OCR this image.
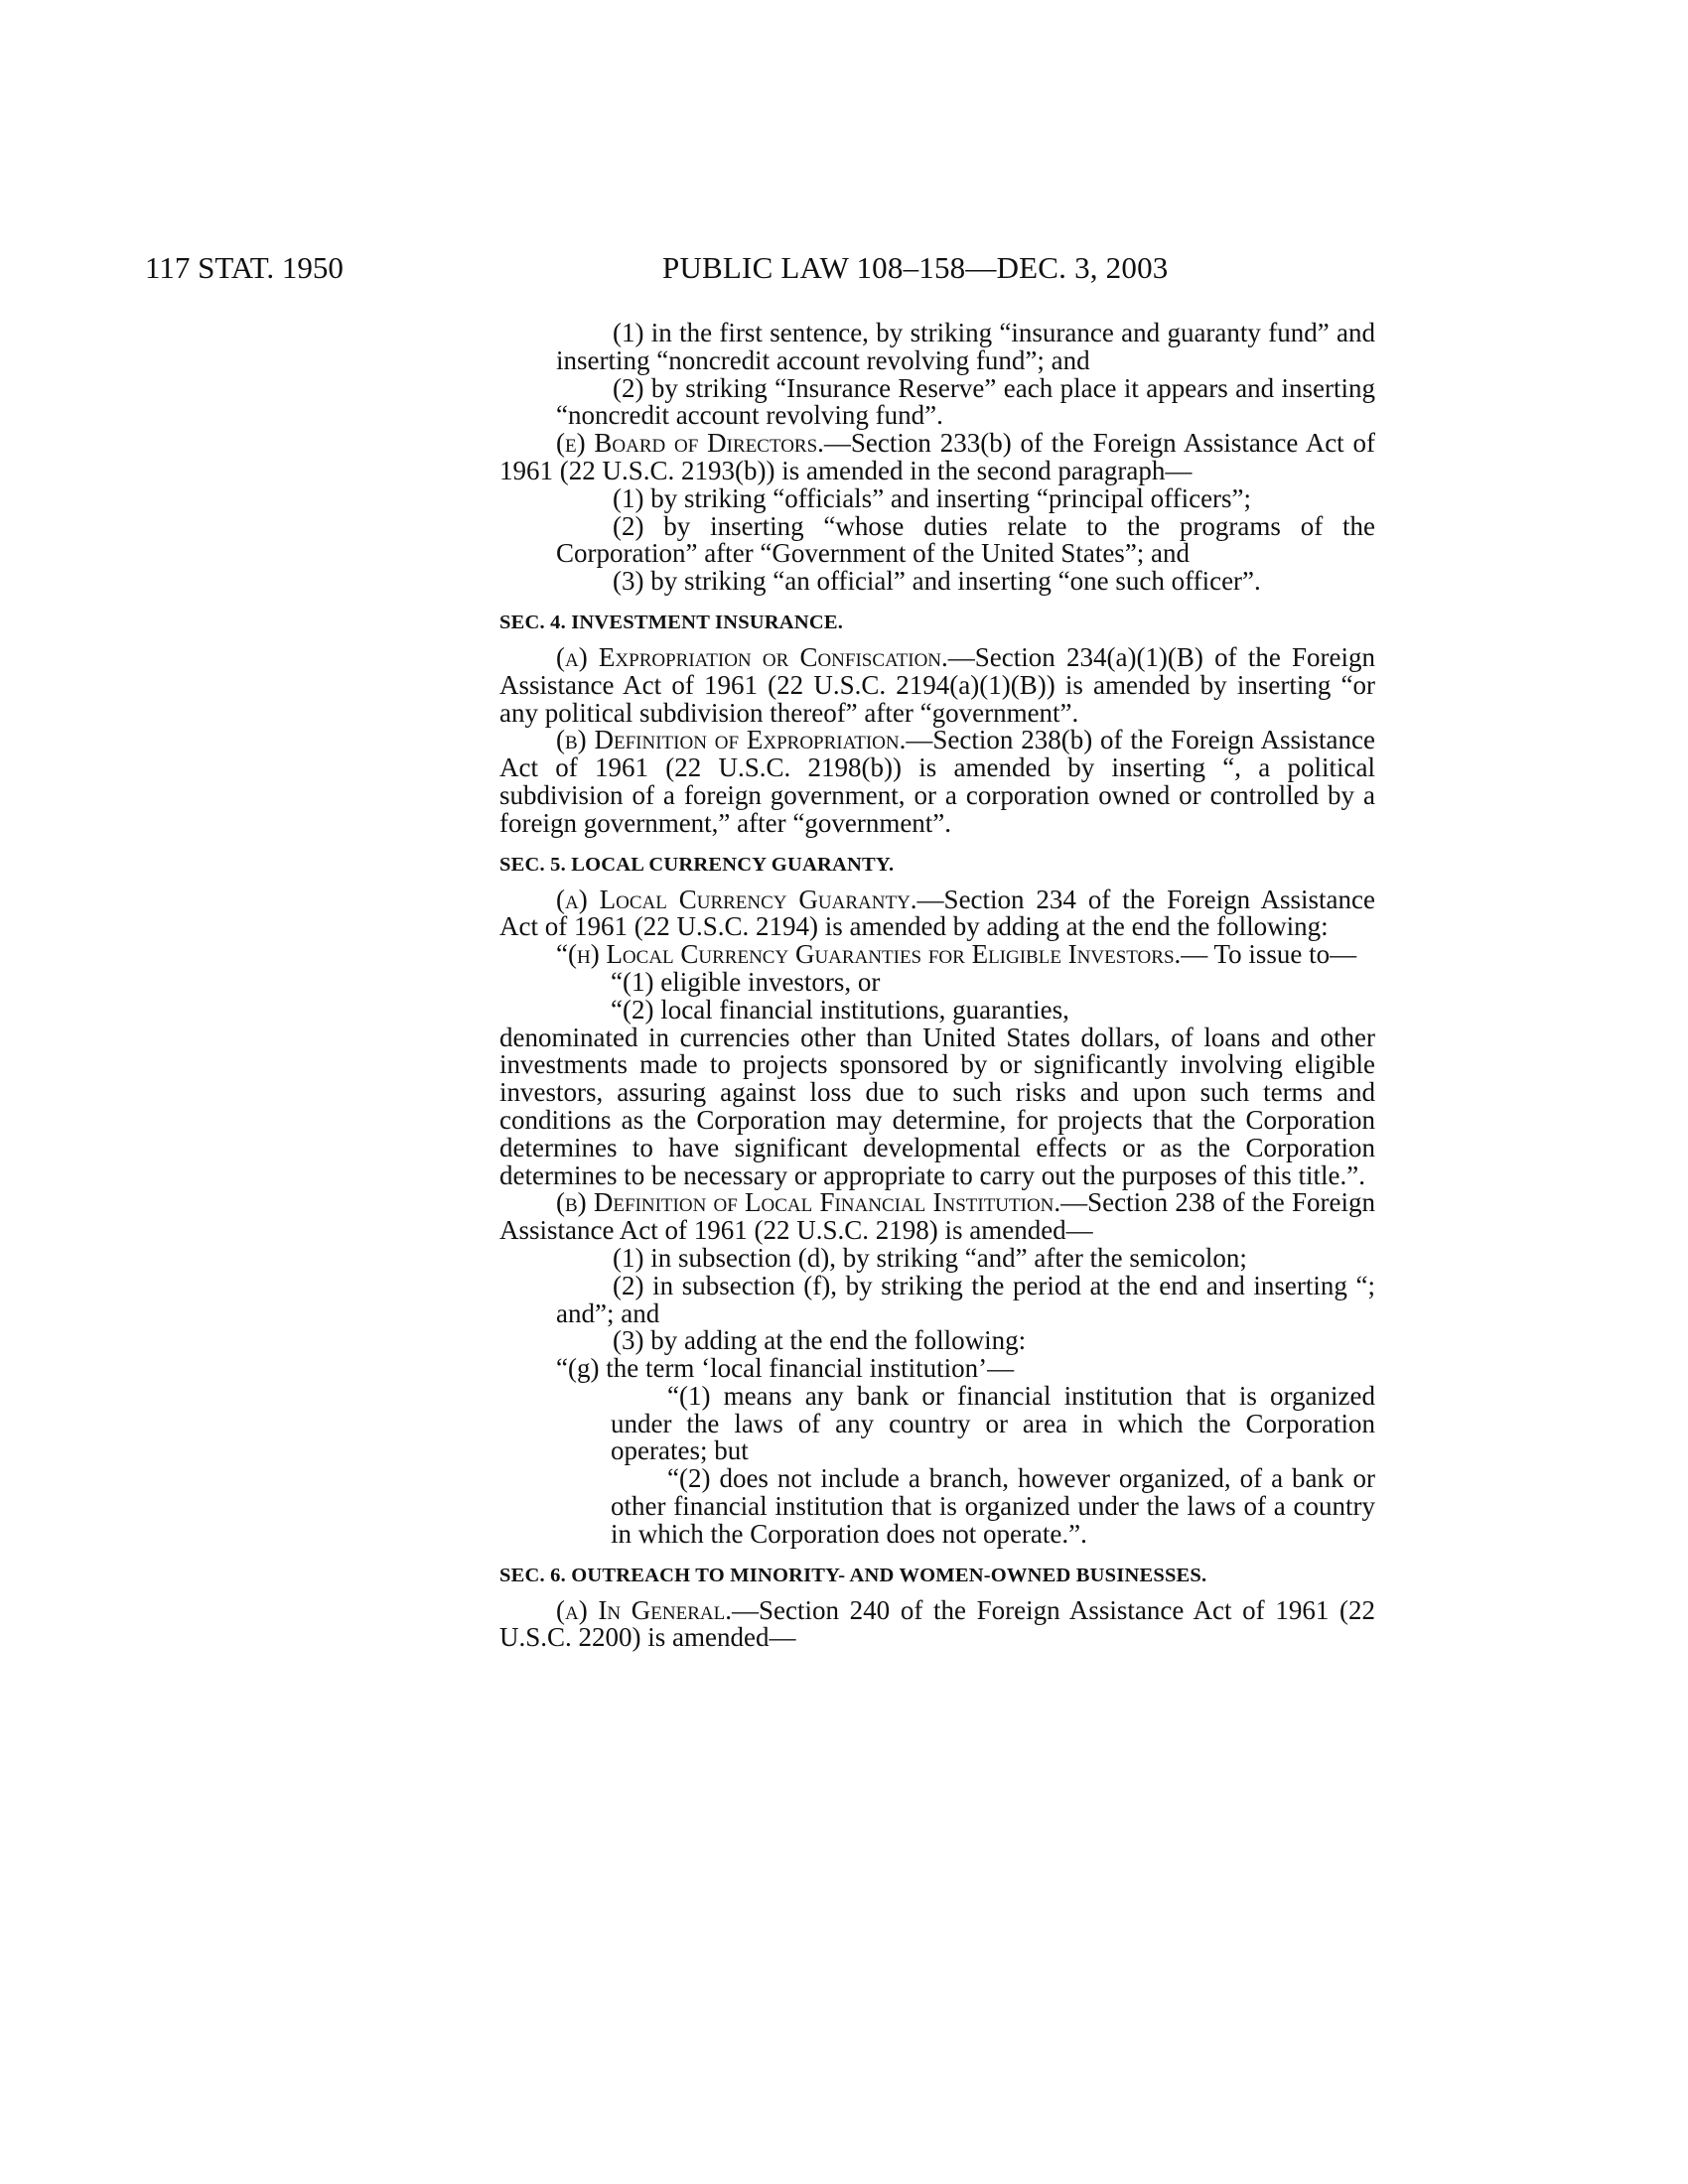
117 STAT. 1950	PUBLIC LAW 108–158—DEC. 3, 2003

(1) in the first sentence, by striking “insurance and guaranty fund” and inserting “noncredit account revolving fund”; and

(2) by striking “Insurance Reserve” each place it appears and inserting “noncredit account revolving fund”.

(e) Board of Directors.—Section 233(b) of the Foreign Assistance Act of 1961 (22 U.S.C. 2193(b)) is amended in the second paragraph—

(1) by striking “officials” and inserting “principal officers”;

(2) by inserting “whose duties relate to the programs of the Corporation” after “Government of the United States”; and

(3) by striking “an official” and inserting “one such officer”.

SEC. 4. INVESTMENT INSURANCE.

(a) Expropriation or Confiscation.—Section 234(a)(1)(B) of the Foreign Assistance Act of 1961 (22 U.S.C. 2194(a)(1)(B)) is amended by inserting “or any political subdivision thereof” after “government”.

(b) Definition of Expropriation.—Section 238(b) of the Foreign Assistance Act of 1961 (22 U.S.C. 2198(b)) is amended by inserting “, a political subdivision of a foreign government, or a corporation owned or controlled by a foreign government,” after “government”.

SEC. 5. LOCAL CURRENCY GUARANTY.

(a) Local Currency Guaranty.—Section 234 of the Foreign Assistance Act of 1961 (22 U.S.C. 2194) is amended by adding at the end the following:

“(h) Local Currency Guaranties for Eligible Investors.— To issue to—

“(1) eligible investors, or

“(2) local financial institutions, guaranties,

denominated in currencies other than United States dollars, of loans and other investments made to projects sponsored by or significantly involving eligible investors, assuring against loss due to such risks and upon such terms and conditions as the Corporation may determine, for projects that the Corporation determines to have significant developmental effects or as the Corporation determines to be necessary or appropriate to carry out the purposes of this title.”.

(b) Definition of Local Financial Institution.—Section 238 of the Foreign Assistance Act of 1961 (22 U.S.C. 2198) is amended—

(1) in subsection (d), by striking “and” after the semicolon;

(2) in subsection (f), by striking the period at the end and inserting “; and”; and

(3) by adding at the end the following:

“(g) the term ‘local financial institution’—

“(1) means any bank or financial institution that is organized under the laws of any country or area in which the Corporation operates; but

“(2) does not include a branch, however organized, of a bank or other financial institution that is organized under the laws of a country in which the Corporation does not operate.”.

SEC. 6. OUTREACH TO MINORITY- AND WOMEN-OWNED BUSINESSES.

(a) In General.—Section 240 of the Foreign Assistance Act of 1961 (22 U.S.C. 2200) is amended—
